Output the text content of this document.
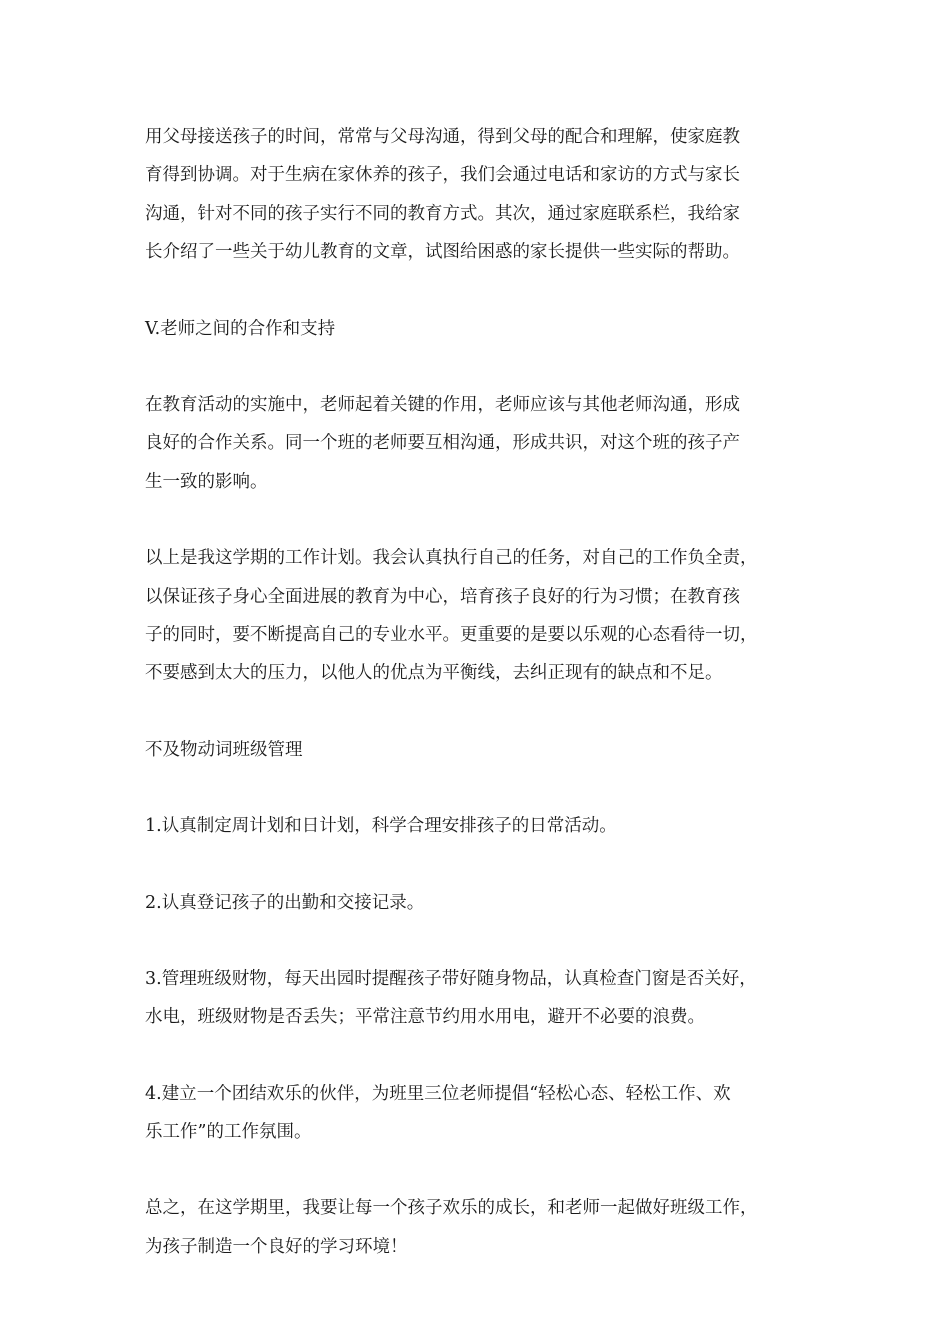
用父母接送孩子的时间，常常与父母沟通，得到父母的配合和理解，使家庭教
育得到协调。对于生病在家休养的孩子，我们会通过电话和家访的方式与家长
沟通，针对不同的孩子实行不同的教育方式。其次，通过家庭联系栏，我给家
长介绍了一些关于幼儿教育的文章，试图给困惑的家长提供一些实际的帮助。
V.老师之间的合作和支持
在教育活动的实施中，老师起着关键的作用，老师应该与其他老师沟通，形成
良好的合作关系。同一个班的老师要互相沟通，形成共识，对这个班的孩子产
生一致的影响。
以上是我这学期的工作计划。我会认真执行自己的任务，对自己的工作负全责，
以保证孩子身心全面进展的教育为中心，培育孩子良好的行为习惯；在教育孩
子的同时，要不断提高自己的专业水平。更重要的是要以乐观的心态看待一切，
不要感到太大的压力，以他人的优点为平衡线，去纠正现有的缺点和不足。
不及物动词班级管理
1.认真制定周计划和日计划，科学合理安排孩子的日常活动。
2.认真登记孩子的出勤和交接记录。
3.管理班级财物，每天出园时提醒孩子带好随身物品，认真检查门窗是否关好，
水电，班级财物是否丢失；平常注意节约用水用电，避开不必要的浪费。
4.建立一个团结欢乐的伙伴，为班里三位老师提倡“轻松心态、轻松工作、欢
乐工作”的工作氛围。
总之，在这学期里，我要让每一个孩子欢乐的成长，和老师一起做好班级工作，
为孩子制造一个良好的学习环境！
